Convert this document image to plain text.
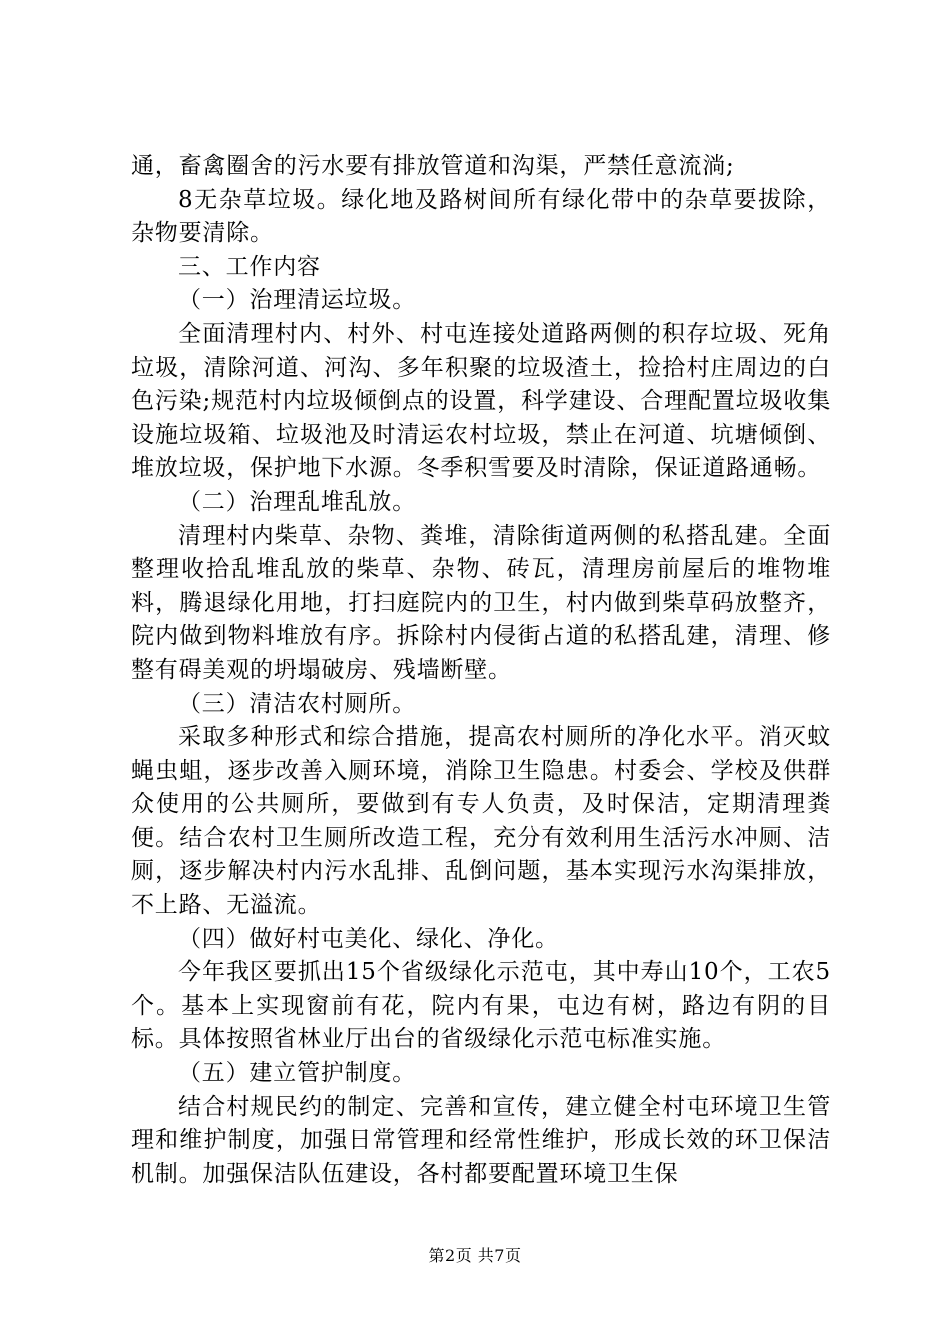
通，畜禽圈舍的污水要有排放管道和沟渠，严禁任意流淌;

8无杂草垃圾。绿化地及路树间所有绿化带中的杂草要拔除，杂物要清除。

三、工作内容

（一）治理清运垃圾。

全面清理村内、村外、村屯连接处道路两侧的积存垃圾、死角垃圾，清除河道、河沟、多年积聚的垃圾渣土，捡拾村庄周边的白色污染;规范村内垃圾倾倒点的设置，科学建设、合理配置垃圾收集设施垃圾箱、垃圾池及时清运农村垃圾，禁止在河道、坑塘倾倒、堆放垃圾，保护地下水源。冬季积雪要及时清除，保证道路通畅。

（二）治理乱堆乱放。

清理村内柴草、杂物、粪堆，清除街道两侧的私搭乱建。全面整理收拾乱堆乱放的柴草、杂物、砖瓦，清理房前屋后的堆物堆料，腾退绿化用地，打扫庭院内的卫生，村内做到柴草码放整齐，院内做到物料堆放有序。拆除村内侵街占道的私搭乱建，清理、修整有碍美观的坍塌破房、残墙断壁。

（三）清洁农村厕所。

采取多种形式和综合措施，提高农村厕所的净化水平。消灭蚊蝇虫蛆，逐步改善入厕环境，消除卫生隐患。村委会、学校及供群众使用的公共厕所，要做到有专人负责，及时保洁，定期清理粪便。结合农村卫生厕所改造工程，充分有效利用生活污水冲厕、洁厕，逐步解决村内污水乱排、乱倒问题，基本实现污水沟渠排放，不上路、无溢流。

（四）做好村屯美化、绿化、净化。

今年我区要抓出15个省级绿化示范屯，其中寿山10个，工农5个。基本上实现窗前有花，院内有果，屯边有树，路边有阴的目标。具体按照省林业厅出台的省级绿化示范屯标准实施。

（五）建立管护制度。

结合村规民约的制定、完善和宣传，建立健全村屯环境卫生管理和维护制度，加强日常管理和经常性维护，形成长效的环卫保洁机制。加强保洁队伍建设，各村都要配置环境卫生保

第2页 共7页
